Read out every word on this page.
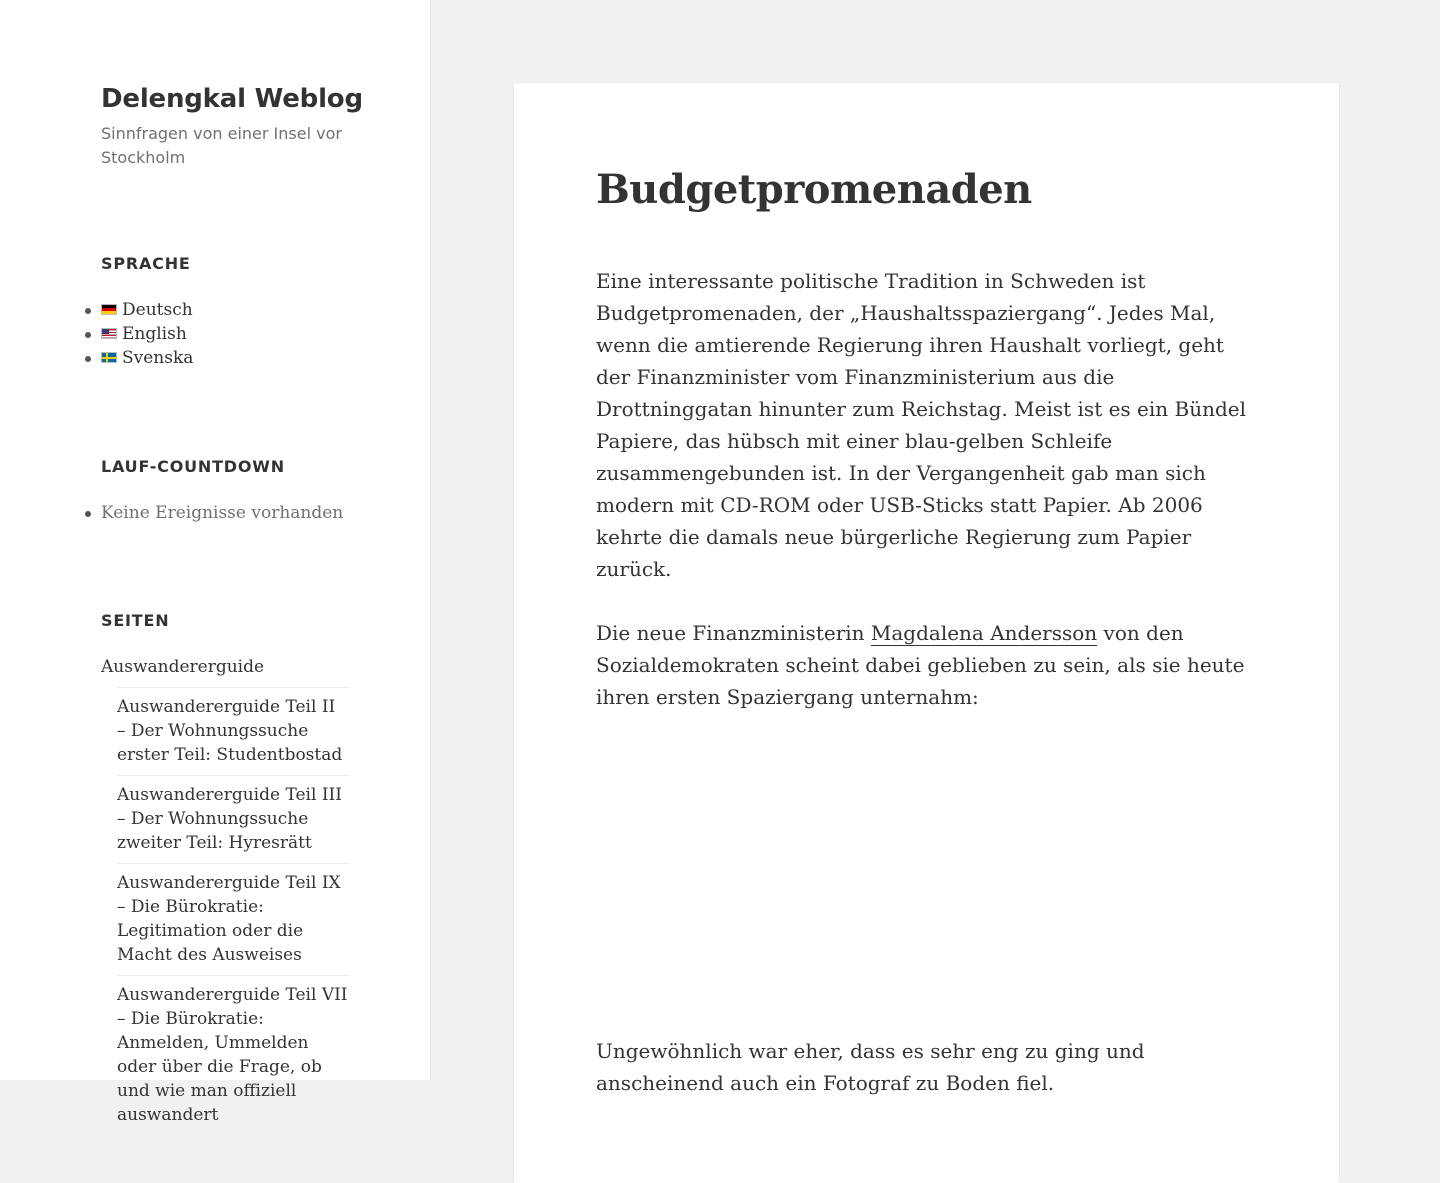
Delengkal Weblog

Sinnfragen von einer Insel vor Stockholm

SPRACHE
Deutsch
English
Svenska
LAUF-COUNTDOWN
Keine Ereignisse vorhanden
SEITEN
Auswandererguide
Auswandererguide Teil II – Der Wohnungssuche erster Teil: Studentbostad
Auswandererguide Teil III – Der Wohnungssuche zweiter Teil: Hyresrätt
Auswandererguide Teil IX – Die Bürokratie: Legitimation oder die Macht des Ausweises
Auswandererguide Teil VII – Die Bürokratie: Anmelden, Ummelden oder über die Frage, ob und wie man offiziell auswandert
Budgetpromenaden

Eine interessante politische Tradition in Schweden ist Budgetpromenaden, der „Haushaltsspaziergang“. Jedes Mal, wenn die amtierende Regierung ihren Haushalt vorliegt, geht der Finanzminister vom Finanzministerium aus die Drottninggatan hinunter zum Reichstag. Meist ist es ein Bündel Papiere, das hübsch mit einer blau-gelben Schleife zusammengebunden ist. In der Vergangenheit gab man sich modern mit CD-ROM oder USB-Sticks statt Papier. Ab 2006 kehrte die damals neue bürgerliche Regierung zum Papier zurück.

Die neue Finanzministerin Magdalena Andersson von den Sozialdemokraten scheint dabei geblieben zu sein, als sie heute ihren ersten Spaziergang unternahm:

Ungewöhnlich war eher, dass es sehr eng zu ging und anscheinend auch ein Fotograf zu Boden fiel.
